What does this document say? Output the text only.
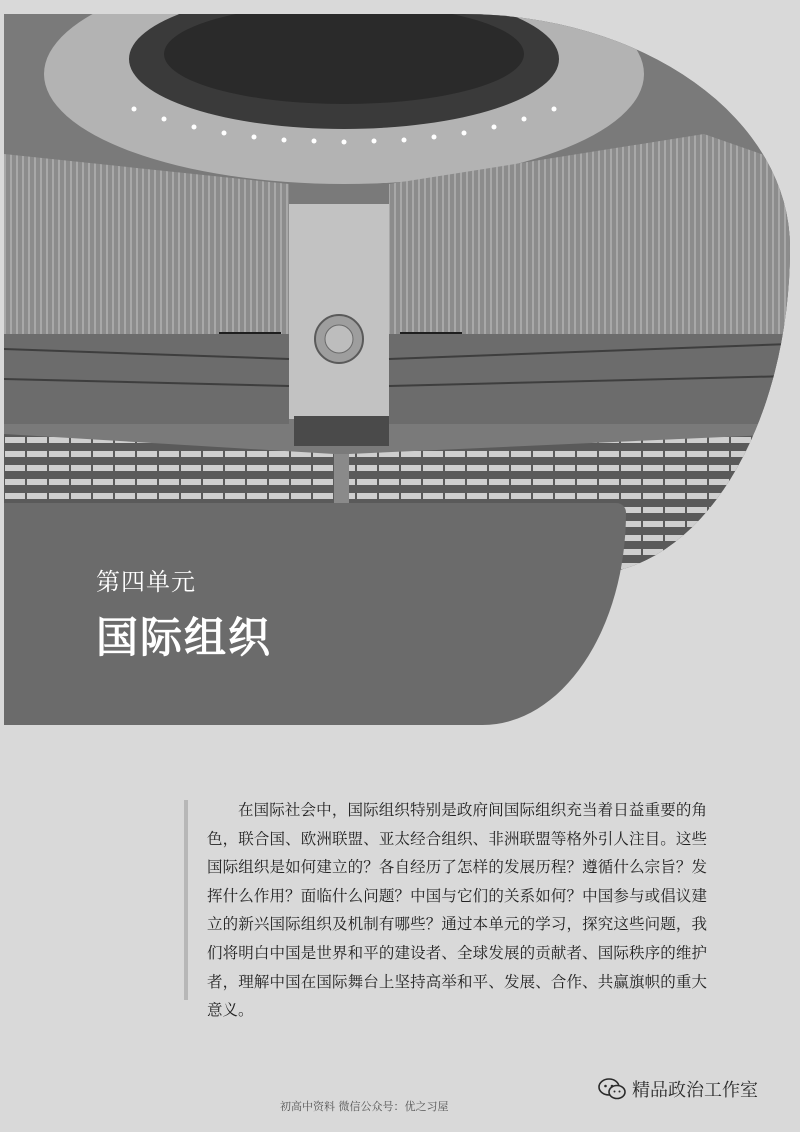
第四单元
国际组织
在国际社会中，国际组织特别是政府间国际组织充当着日益重要的角色，联合国、欧洲联盟、亚太经合组织、非洲联盟等格外引人注目。这些国际组织是如何建立的？各自经历了怎样的发展历程？遵循什么宗旨？发挥什么作用？面临什么问题？中国与它们的关系如何？中国参与或倡议建立的新兴国际组织及机制有哪些？通过本单元的学习，探究这些问题，我们将明白中国是世界和平的建设者、全球发展的贡献者、国际秩序的维护者，理解中国在国际舞台上坚持高举和平、发展、合作、共赢旗帜的重大意义。
精品政治工作室
初高中资料 微信公众号：优之习屋
